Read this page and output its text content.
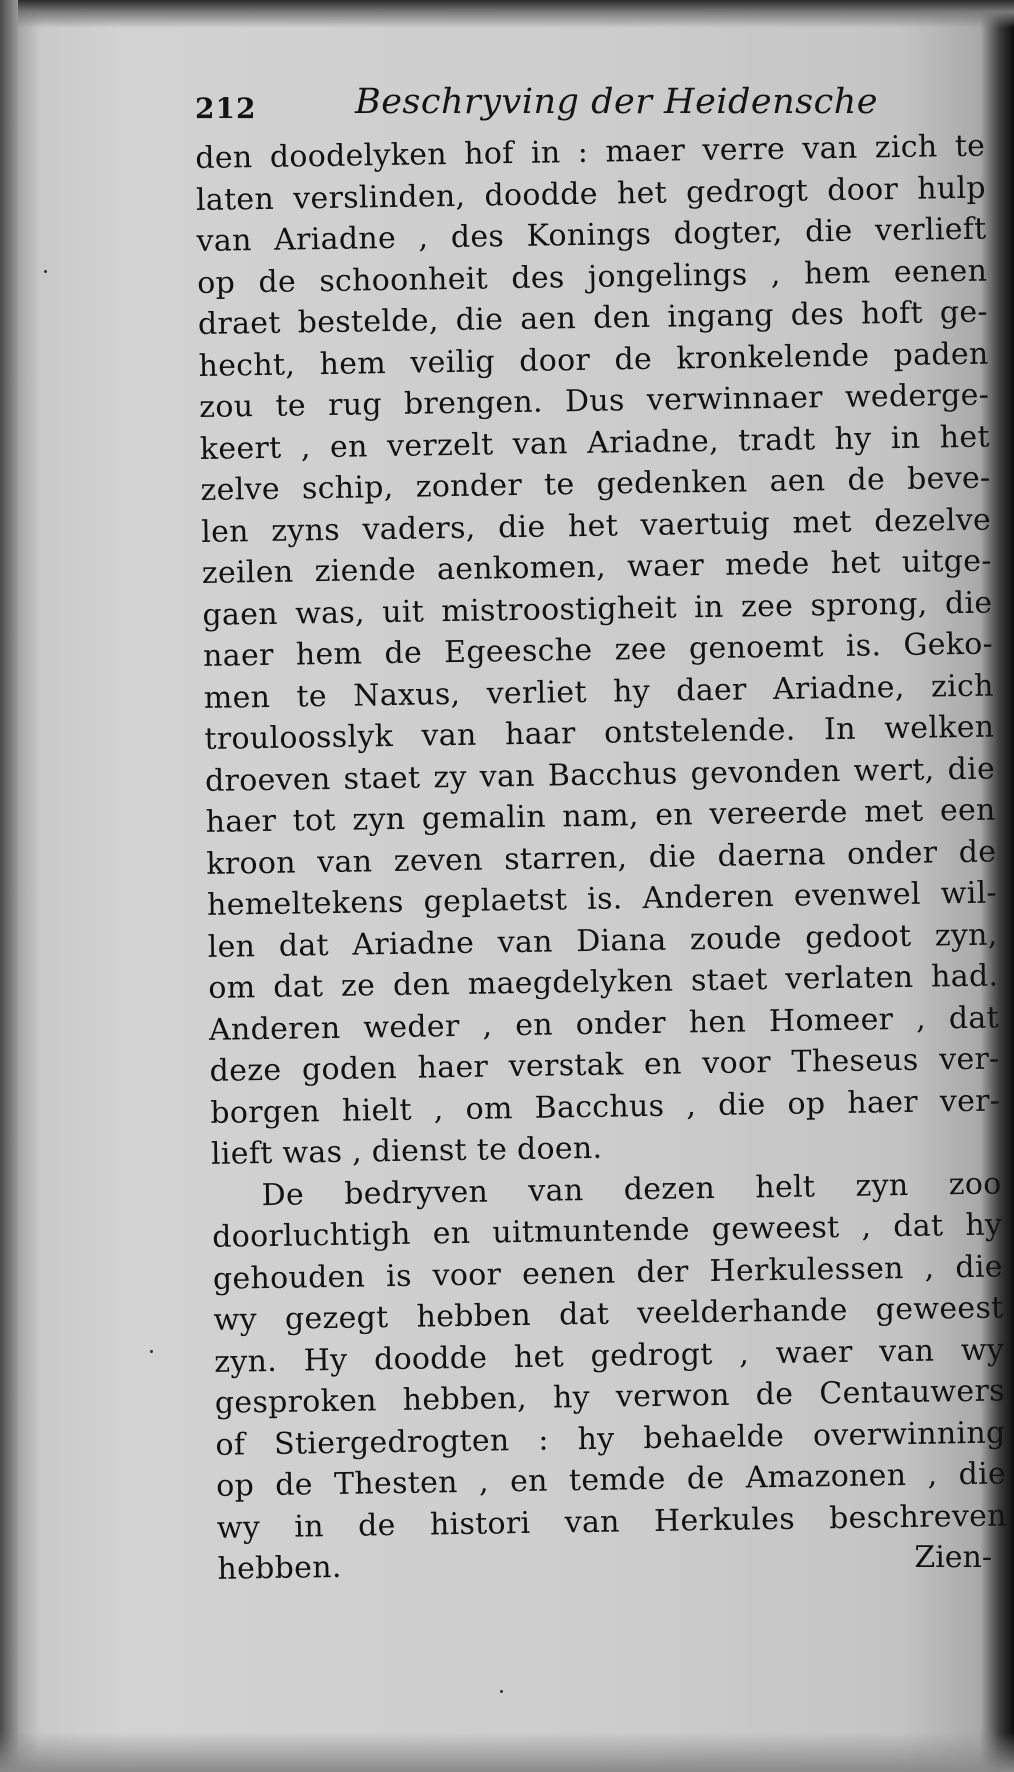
212	Beschryving der Heidensche
den doodelyken hof in : maer verre van zich te
laten verslinden, doodde het gedrogt door hulp
van Ariadne , des Konings dogter, die verlieft
op de schoonheit des jongelings , hem eenen
draet bestelde, die aen den ingang des hoft ge-
hecht, hem veilig door de kronkelende paden
zou te rug brengen. Dus verwinnaer wederge-
keert , en verzelt van Ariadne, tradt hy in het
zelve schip, zonder te gedenken aen de beve-
len zyns vaders, die het vaertuig met dezelve
zeilen ziende aenkomen, waer mede het uitge-
gaen was, uit mistroostigheit in zee sprong, die
naer hem de Egeesche zee genoemt is. Geko-
men te Naxus, verliet hy daer Ariadne, zich
trouloosslyk van haar ontstelende. In welken
droeven staet zy van Bacchus gevonden wert, die
haer tot zyn gemalin nam, en vereerde met een
kroon van zeven starren, die daerna onder de
hemeltekens geplaetst is. Anderen evenwel wil-
len dat Ariadne van Diana zoude gedoot zyn,
om dat ze den maegdelyken staet verlaten had.
Anderen weder , en onder hen Homeer , dat
deze goden haer verstak en voor Theseus ver-
borgen hielt , om Bacchus , die op haer ver-
lieft was , dienst te doen.
De bedryven van dezen helt zyn zoo
doorluchtigh en uitmuntende geweest , dat hy
gehouden is voor eenen der Herkulessen , die
wy gezegt hebben dat veelderhande geweest
zyn. Hy doodde het gedrogt , waer van wy
gesproken hebben, hy verwon de Centauwers
of Stiergedrogten : hy behaelde overwinning
op de Thesten , en temde de Amazonen , die
wy in de histori van Herkules beschreven
hebben.	Zien-
